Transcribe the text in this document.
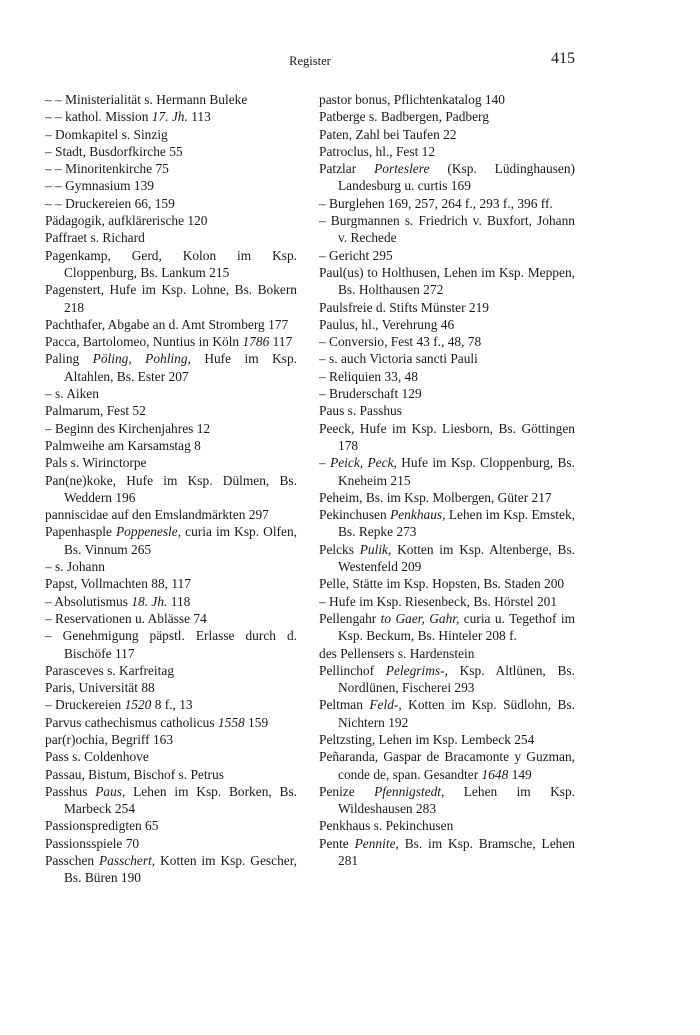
Register	415
– – Ministerialität s. Hermann Buleke
– – kathol. Mission 17. Jh. 113
– Domkapitel s. Sinzig
– Stadt, Busdorfkirche 55
– – Minoritenkirche 75
– – Gymnasium 139
– – Druckereien 66, 159
Pädagogik, aufklärerische 120
Paffraet s. Richard
Pagenkamp, Gerd, Kolon im Ksp. Cloppenburg, Bs. Lankum 215
Pagenstert, Hufe im Ksp. Lohne, Bs. Bokern 218
Pachthafer, Abgabe an d. Amt Stromberg 177
Pacca, Bartolomeo, Nuntius in Köln 1786 117
Paling Pöling, Pohling, Hufe im Ksp. Altahlen, Bs. Ester 207
– s. Aiken
Palmarum, Fest 52
– Beginn des Kirchenjahres 12
Palmweihe am Karsamstag 8
Pals s. Wirinctorpe
Pan(ne)koke, Hufe im Ksp. Dülmen, Bs. Weddern 196
panniscidae auf den Emslandmärkten 297
Papenhasple Poppenesle, curia im Ksp. Olfen, Bs. Vinnum 265
– s. Johann
Papst, Vollmachten 88, 117
– Absolutismus 18. Jh. 118
– Reservationen u. Ablässe 74
– Genehmigung päpstl. Erlasse durch d. Bischöfe 117
Parasceves s. Karfreitag
Paris, Universität 88
– Druckereien 1520 8 f., 13
Parvus cathechismus catholicus 1558 159
par(r)ochia, Begriff 163
Pass s. Coldenhove
Passau, Bistum, Bischof s. Petrus
Passhus Paus, Lehen im Ksp. Borken, Bs. Marbeck 254
Passionspredigten 65
Passionsspiele 70
Passchen Passchert, Kotten im Ksp. Gescher, Bs. Büren 190
pastor bonus, Pflichtenkatalog 140
Patberge s. Badbergen, Padberg
Paten, Zahl bei Taufen 22
Patroclus, hl., Fest 12
Patzlar Porteslere (Ksp. Lüdinghausen) Landesburg u. curtis 169
– Burglehen 169, 257, 264 f., 293 f., 396 ff.
– Burgmannen s. Friedrich v. Buxfort, Johann v. Rechede
– Gericht 295
Paul(us) to Holthusen, Lehen im Ksp. Meppen, Bs. Holthausen 272
Paulsfreie d. Stifts Münster 219
Paulus, hl., Verehrung 46
– Conversio, Fest 43 f., 48, 78
– s. auch Victoria sancti Pauli
– Reliquien 33, 48
– Bruderschaft 129
Paus s. Passhus
Peeck, Hufe im Ksp. Liesborn, Bs. Göttingen 178
– Peick, Peck, Hufe im Ksp. Cloppenburg, Bs. Kneheim 215
Peheim, Bs. im Ksp. Molbergen, Güter 217
Pekinchusen Penkhaus, Lehen im Ksp. Emstek, Bs. Repke 273
Pelcks Pulik, Kotten im Ksp. Altenberge, Bs. Westenfeld 209
Pelle, Stätte im Ksp. Hopsten, Bs. Staden 200
– Hufe im Ksp. Riesenbeck, Bs. Hörstel 201
Pellengahr to Gaer, Gahr, curia u. Tegethof im Ksp. Beckum, Bs. Hinteler 208 f.
des Pellensers s. Hardenstein
Pellinchof Pelegrims-, Ksp. Altlünen, Bs. Nordlünen, Fischerei 293
Peltman Feld-, Kotten im Ksp. Südlohn, Bs. Nichtern 192
Peltzsting, Lehen im Ksp. Lembeck 254
Peñaranda, Gaspar de Bracamonte y Guzman, conde de, span. Gesandter 1648 149
Penize Pfennigstedt, Lehen im Ksp. Wildeshausen 283
Penkhaus s. Pekinchusen
Pente Pennite, Bs. im Ksp. Bramsche, Lehen 281
